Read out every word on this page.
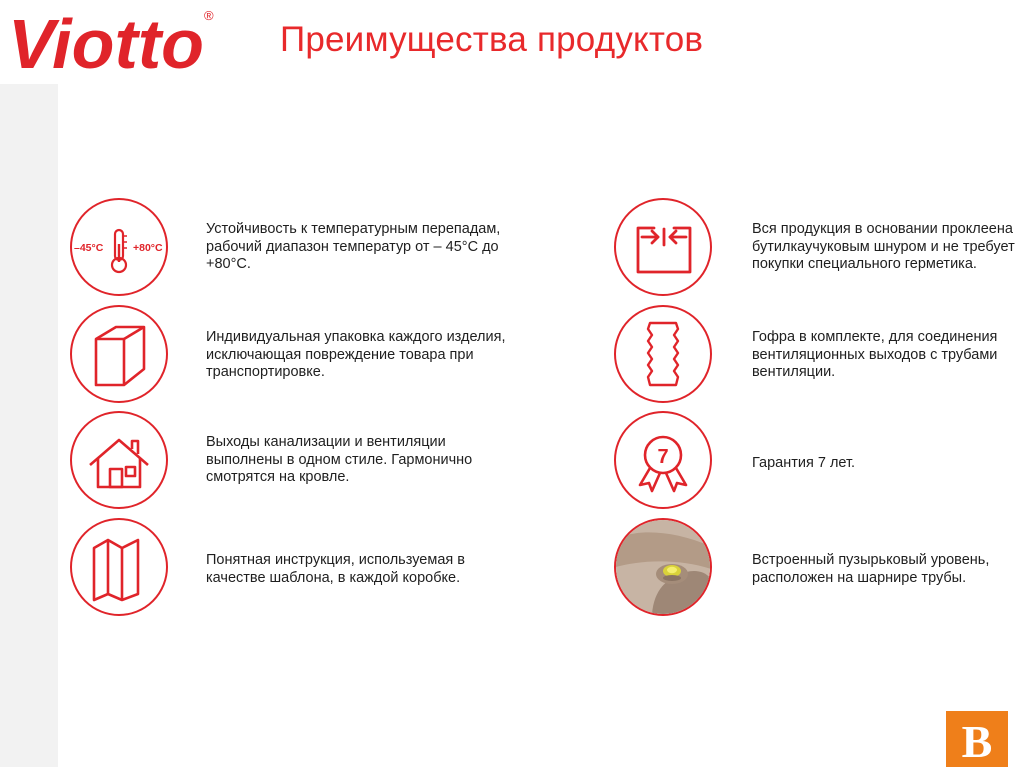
Viotto ®
Преимущества продуктов
–45°C	+80°C
Устойчивость к температурным перепадам, рабочий диапазон температур от – 45°С до +80°С.
Индивидуальная упаковка каждого изделия, исключающая повреждение товара при транспортировке.
Выходы канализации и вентиляции выполнены в одном стиле. Гармонично смотрятся на кровле.
Понятная инструкция, используемая в качестве шаблона, в каждой коробке.
Вся продукция в основании проклеена бутилкаучуковым шнуром и не требует покупки специального герметика.
Гофра в комплекте, для соединения вентиляционных выходов с трубами вентиляции.
7	Гарантия 7 лет.
Встроенный пузырьковый уровень, расположен на шарнире трубы.
B
